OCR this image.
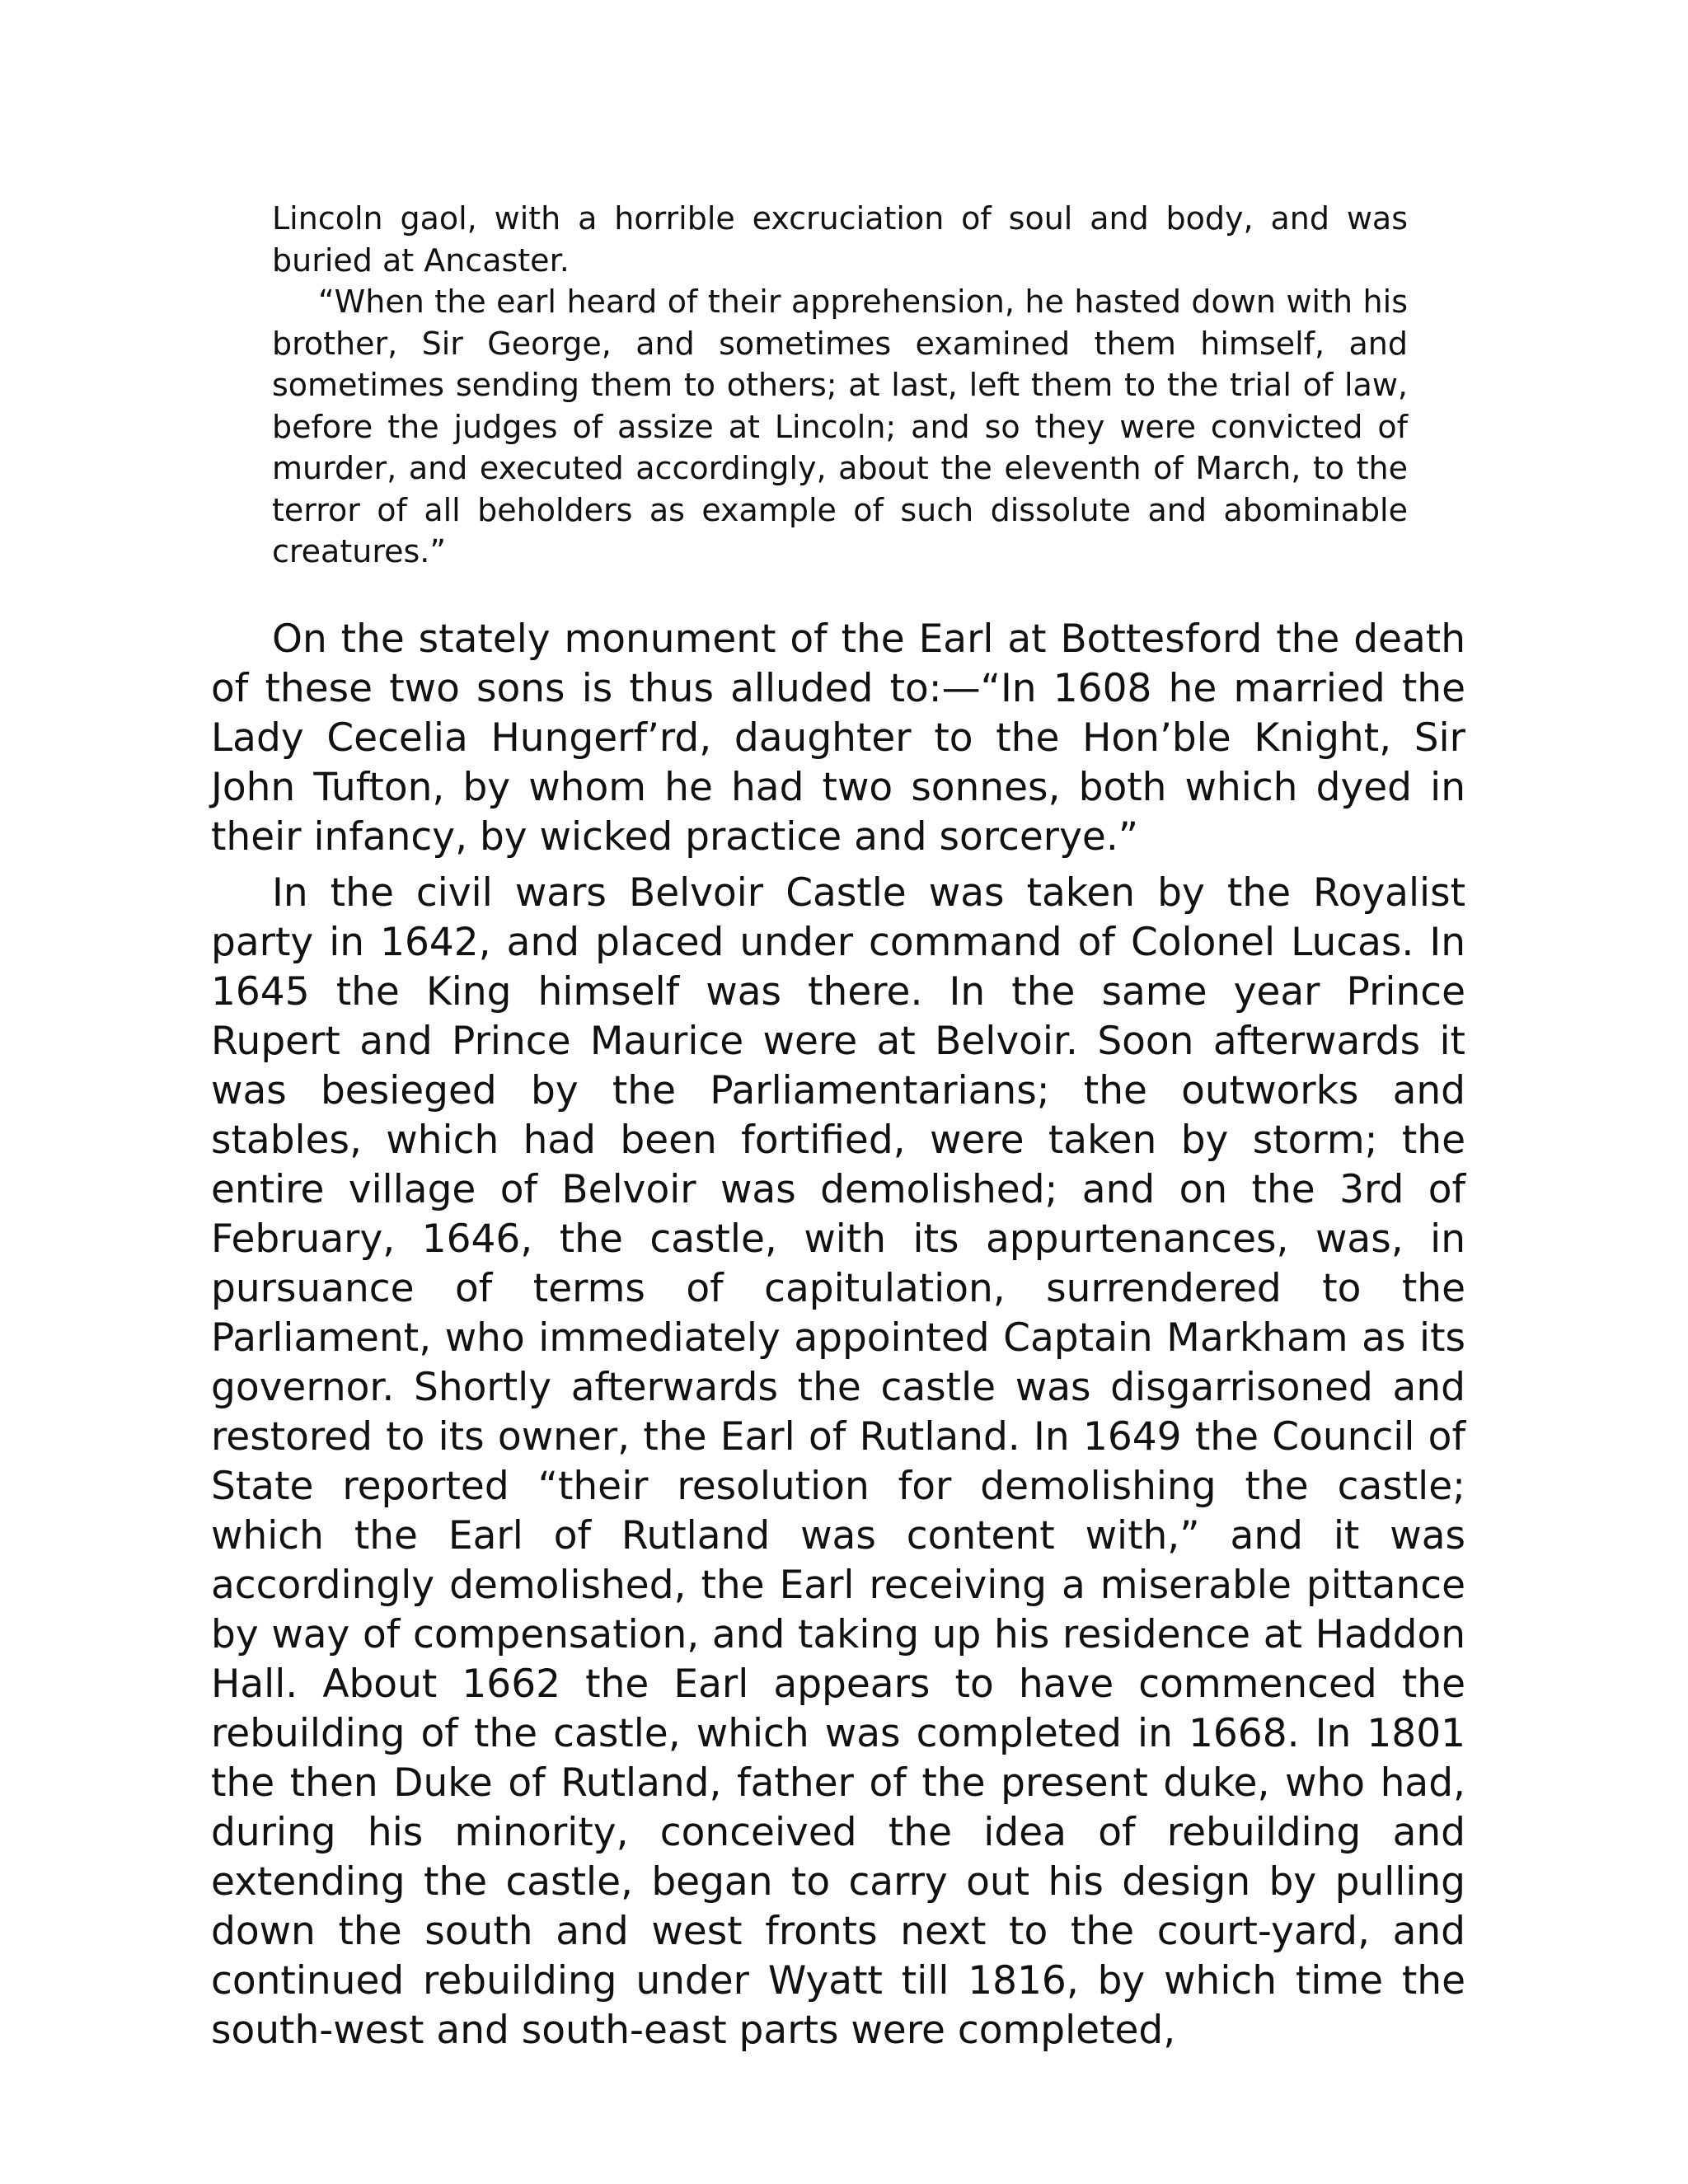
Lincoln gaol, with a horrible excruciation of soul and body, and was buried at Ancaster.

“When the earl heard of their apprehension, he hasted down with his brother, Sir George, and sometimes examined them himself, and sometimes sending them to others; at last, left them to the trial of law, before the judges of assize at Lincoln; and so they were convicted of murder, and executed accordingly, about the eleventh of March, to the terror of all beholders as example of such dissolute and abominable creatures.”

On the stately monument of the Earl at Bottesford the death of these two sons is thus alluded to:—“In 1608 he married the Lady Cecelia Hungerf’rd, daughter to the Hon’ble Knight, Sir John Tufton, by whom he had two sonnes, both which dyed in their infancy, by wicked practice and sorcerye.”

In the civil wars Belvoir Castle was taken by the Royalist party in 1642, and placed under command of Colonel Lucas. In 1645 the King himself was there. In the same year Prince Rupert and Prince Maurice were at Belvoir. Soon afterwards it was besieged by the Parliamentarians; the outworks and stables, which had been fortified, were taken by storm; the entire village of Belvoir was demolished; and on the 3rd of February, 1646, the castle, with its appurtenances, was, in pursuance of terms of capitulation, surrendered to the Parliament, who immediately appointed Captain Markham as its governor. Shortly afterwards the castle was disgarrisoned and restored to its owner, the Earl of Rutland. In 1649 the Council of State reported “their resolution for demolishing the castle; which the Earl of Rutland was content with,” and it was accordingly demolished, the Earl receiving a miserable pittance by way of compensation, and taking up his residence at Haddon Hall. About 1662 the Earl appears to have commenced the rebuilding of the castle, which was completed in 1668. In 1801 the then Duke of Rutland, father of the present duke, who had, during his minority, conceived the idea of rebuilding and extending the castle, began to carry out his design by pulling down the south and west fronts next to the court-yard, and continued rebuilding under Wyatt till 1816, by which time the south-west and south-east parts were completed,
